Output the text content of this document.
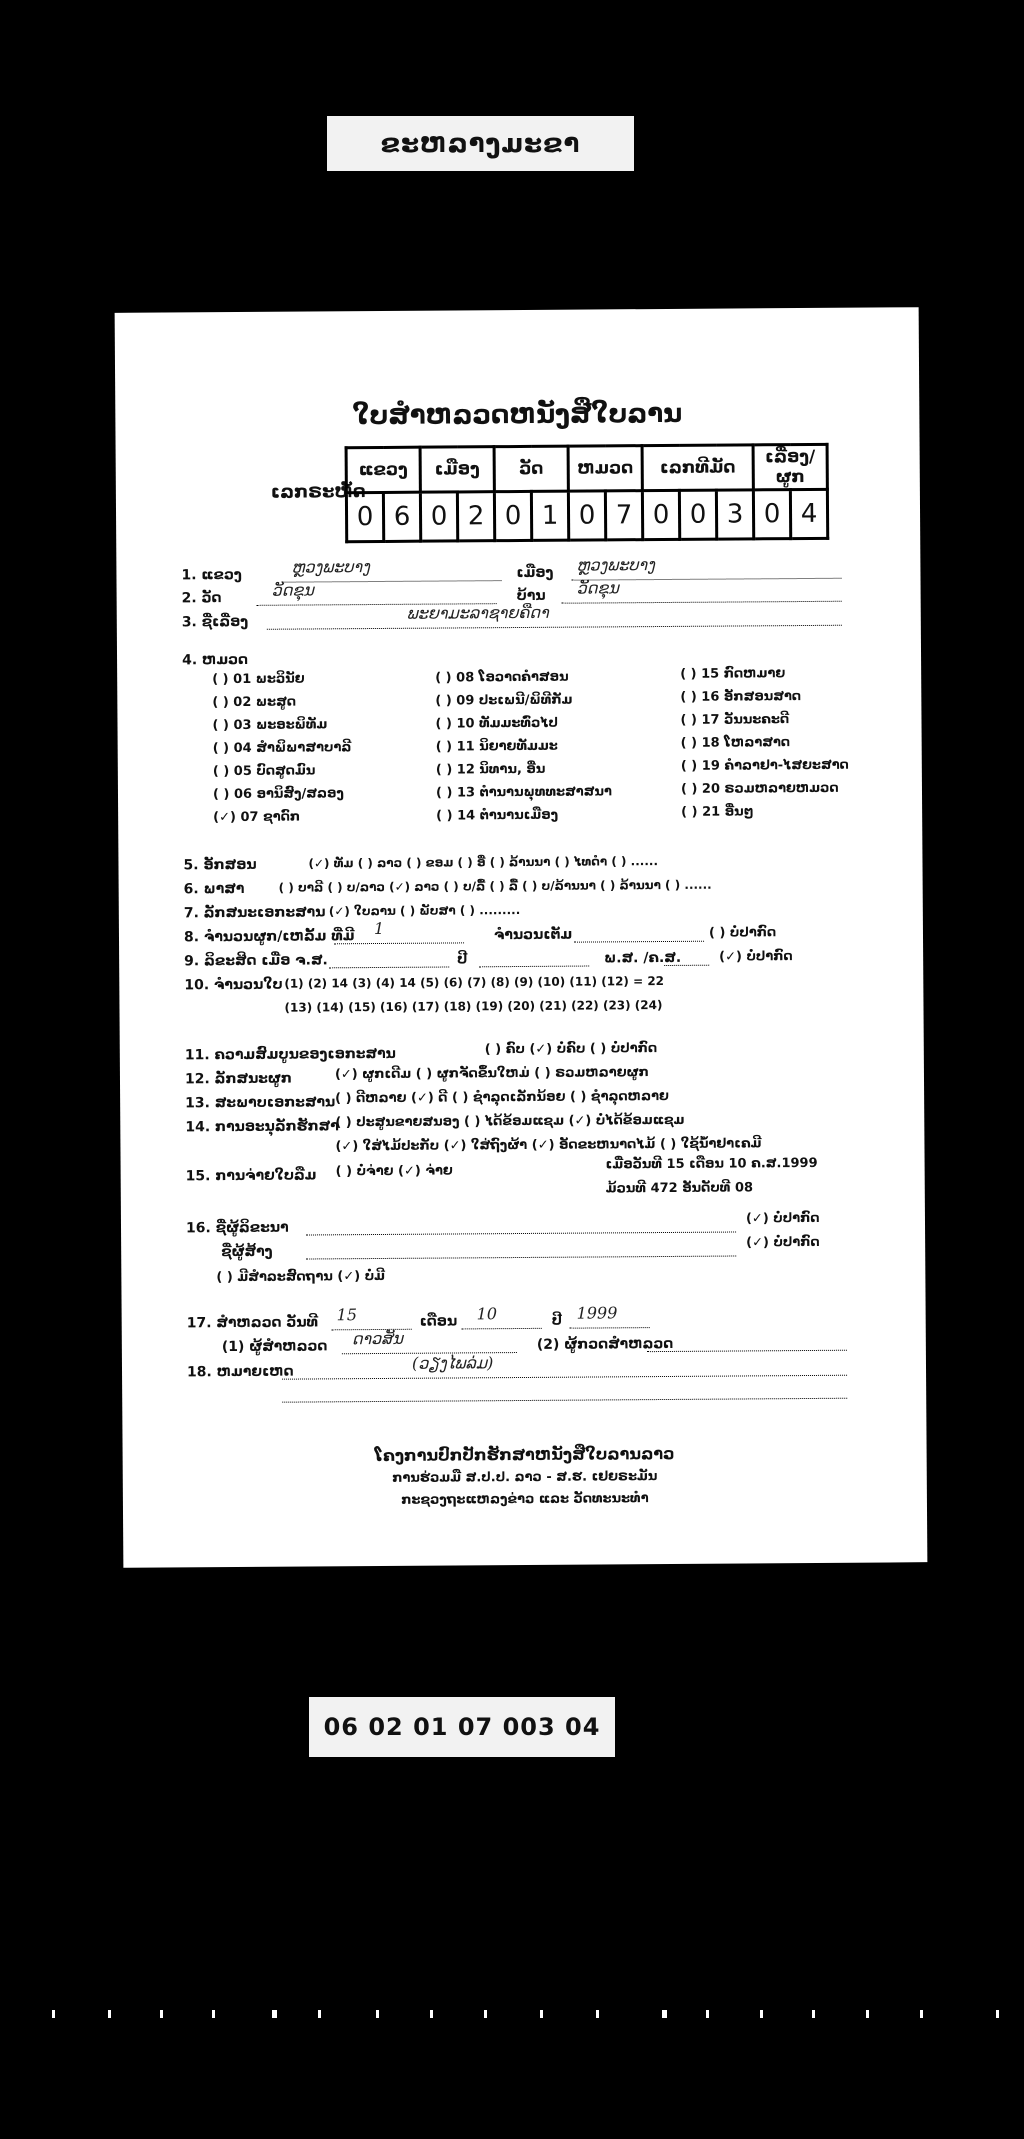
ຂະຫລາງມະຂາ
ໃບສໍາຫລວດຫນັງສືໃບລານ
ເລກຣະຫັດ
ແຂວງ		ເມືອງ		ວັດ		ຫມວດ		ເລກທີມັດ			ເລື່ອງ/ຜູກ	
0	6	0	2	0	1	0	7	0	0	3	0	4
1. ແຂວງ	ຫຼວງພະບາງ	ເມືອງ ຫຼວງພະບາງ
2. ວັດ	ວັດຂຸນ	ບ້ານ ວັດຂຸນ
3. ຊື່ເລື່ອງ	ພະຍາມະລາຊາຍຄືດາ
4. ຫມວດ
( ) 01 ພະວິນັຍ
( ) 02 ພະສູດ
( ) 03 ພະອະພິທັມ
( ) 04 ສໍາພິພາສາບາລີ
( ) 05 ບົດສູດມົນ
( ) 06 ອານິສົງ/ສລອງ
(✓) 07 ຊາດົກ
( ) 08 ໂອວາດຄໍາສອນ
( ) 09 ປະເພນີ/ພິທີກັມ
( ) 10 ທັມມະທົ່ວໄປ
( ) 11 ນິຍາຍທັມມະ
( ) 12 ນິທານ, ອື່ນ
( ) 13 ຕໍານານພຸທທະສາສນາ
( ) 14 ຕໍານານເມືອງ
( ) 15 ກົດຫມາຍ
( ) 16 ອັກສອນສາດ
( ) 17 ວັນນະຄະດີ
( ) 18 ໂຫລາສາດ
( ) 19 ຄໍາລາຢາ-ໄສຍະສາດ
( ) 20 ຣວມຫລາຍຫມວດ
( ) 21 ອື່ນໆ
5. ອັກສອນ	(✓) ທັມ ( ) ລາວ ( ) ຂອມ ( ) ອື່ ( ) ລ້ານນາ ( ) ໄທດໍາ ( ) ......
6. ພາສາ	( ) ບາລີ ( ) ບ/ລາວ (✓) ລາວ ( ) ບ/ລື້ ( ) ລື້ ( ) ບ/ລ້ານນາ ( ) ລ້ານນາ ( ) ......
7. ລັກສນະເອກະສານ (✓) ໃບລານ ( ) ພັບສາ ( ) .........
8. ຈໍານວນຜູກ/ເຫລັ້ມ ທີ່ມີ 1	ຈໍານວນເຕັມ	( ) ບໍ່ປາກົດ
9. ລິຂະສິດ ເມື່ອ ຈ.ສ.	ປີ	ພ.ສ. /ຄ.ສ.	(✓) ບໍ່ປາກົດ
10. ຈໍານວນໃບ (1) (2) 14 (3) (4) 14 (5) (6) (7) (8) (9) (10) (11) (12) = 22
(13) (14) (15) (16) (17) (18) (19) (20) (21) (22) (23) (24)
11. ຄວາມສົມບູນຂອງເອກະສານ	( ) ຄົບ (✓) ບໍ່ຄົບ ( ) ບໍ່ປາກົດ
12. ລັກສນະຜູກ	(✓) ຜູກເດີມ ( ) ຜູກຈັດຂຶ້ນໃຫມ່ ( ) ຣວມຫລາຍຜູກ
13. ສະພາບເອກະສານ ( ) ດີຫລາຍ (✓) ດີ ( ) ຊໍາລຸດເລັກນ້ອຍ ( ) ຊໍາລຸດຫລາຍ
14. ການອະນຸລັກຮັກສາ
( ) ປະສູນຂາຍສນອງ ( ) ໄດ້ຂ້ອມແຊມ (✓) ບໍ່ໄດ້ຂ້ອມແຊມ
(✓) ໃສ່ໄມ້ປະກັບ (✓) ໃສ່ຖົງຜ້າ (✓) ອັດຂະຫນາດໄມ້ ( ) ໃຊ້ນໍ້າຢາເຄມີ
15. ການຈ່າຍໃບລືມ ( ) ບໍ່ຈ່າຍ (✓) ຈ່າຍ	ເມື່ອວັນທີ 15 ເດືອນ 10 ຄ.ສ.1999
ມ້ວນທີ 472 ອັນດັບທີ 08
16. ຊື່ຜູ້ລິຂະນາ
(✓) ບໍ່ປາກົດ
ຊື່ຜູ້ສ້າງ
(✓) ບໍ່ປາກົດ
( ) ມີສໍາລະສົດຖານ (✓) ບໍ່ມີ
17. ສໍາຫລວດ ວັນທີ 15	ເດືອນ 10	ປີ 1999
(1) ຜູ້ສໍາຫລວດ ດາວສັນ	(2) ຜູ້ກວດສໍາຫລວດ
18. ຫມາຍເຫດ	(ວຽງໄພລ່ມ)
ໂຄງການປົກປັກຮັກສາຫນັງສືໃບລານລາວ
ການຮ່ວມມື ສ.ປ.ປ. ລາວ - ສ.ຮ. ເຢຍຣະມັນ
ກະຊວງຖະແຫລງຂ່າວ ແລະ ວັດທະນະທໍາ
06 02 01 07 003 04
